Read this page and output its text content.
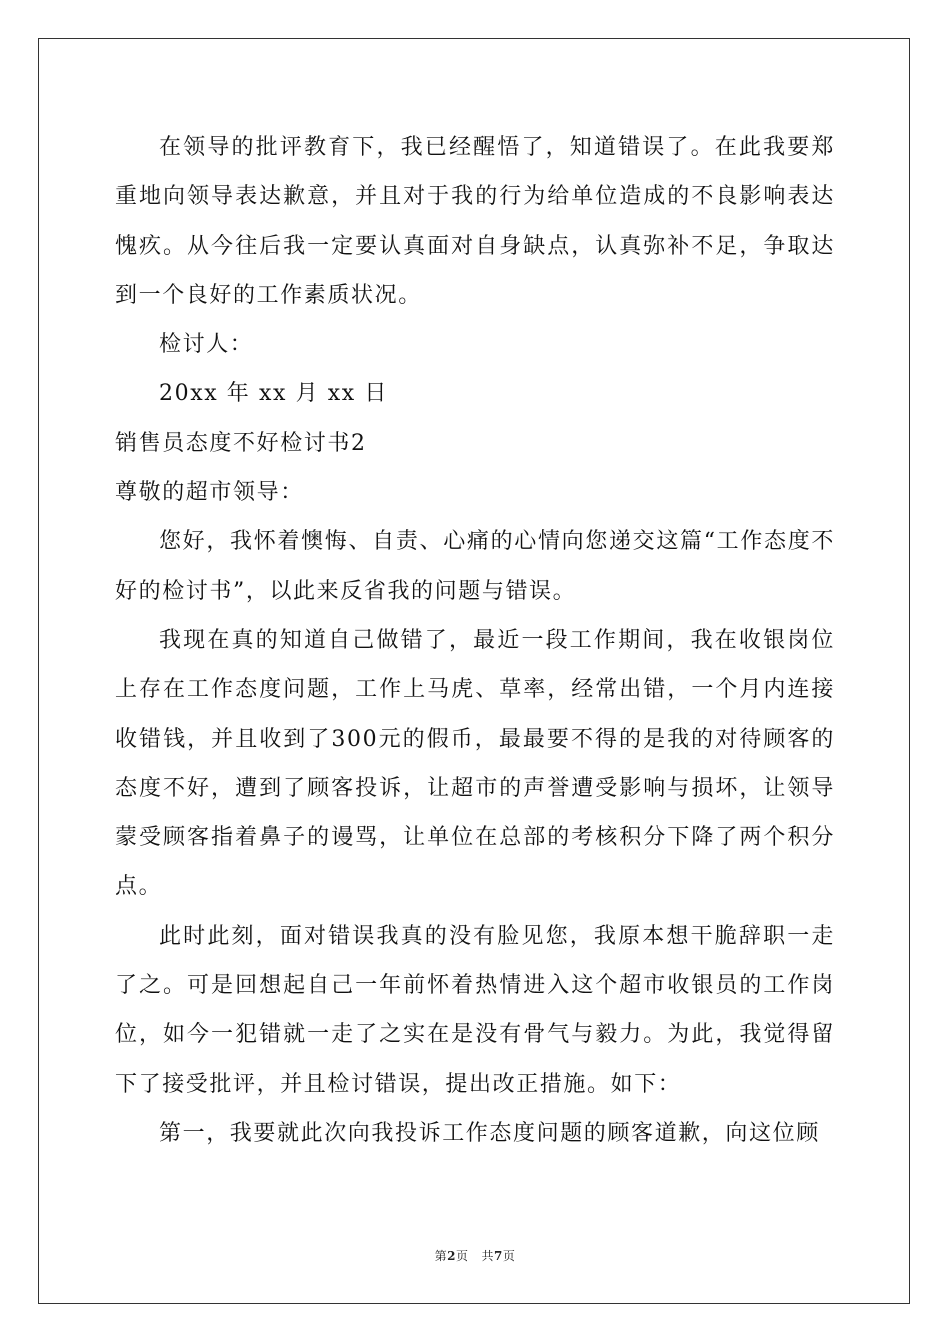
在领导的批评教育下，我已经醒悟了，知道错误了。在此我要郑重地向领导表达歉意，并且对于我的行为给单位造成的不良影响表达愧疚。从今往后我一定要认真面对自身缺点，认真弥补不足，争取达到一个良好的工作素质状况。

检讨人：

20xx 年 xx 月 xx 日

销售员态度不好检讨书2

尊敬的超市领导：

您好，我怀着懊悔、自责、心痛的心情向您递交这篇“工作态度不好的检讨书”，以此来反省我的问题与错误。

我现在真的知道自己做错了，最近一段工作期间，我在收银岗位上存在工作态度问题，工作上马虎、草率，经常出错，一个月内连接收错钱，并且收到了300元的假币，最最要不得的是我的对待顾客的态度不好，遭到了顾客投诉，让超市的声誉遭受影响与损坏，让领导蒙受顾客指着鼻子的谩骂，让单位在总部的考核积分下降了两个积分点。

此时此刻，面对错误我真的没有脸见您，我原本想干脆辞职一走了之。可是回想起自己一年前怀着热情进入这个超市收银员的工作岗位，如今一犯错就一走了之实在是没有骨气与毅力。为此，我觉得留下了接受批评，并且检讨错误，提出改正措施。如下：

第一，我要就此次向我投诉工作态度问题的顾客道歉，向这位顾

第2页 共7页
